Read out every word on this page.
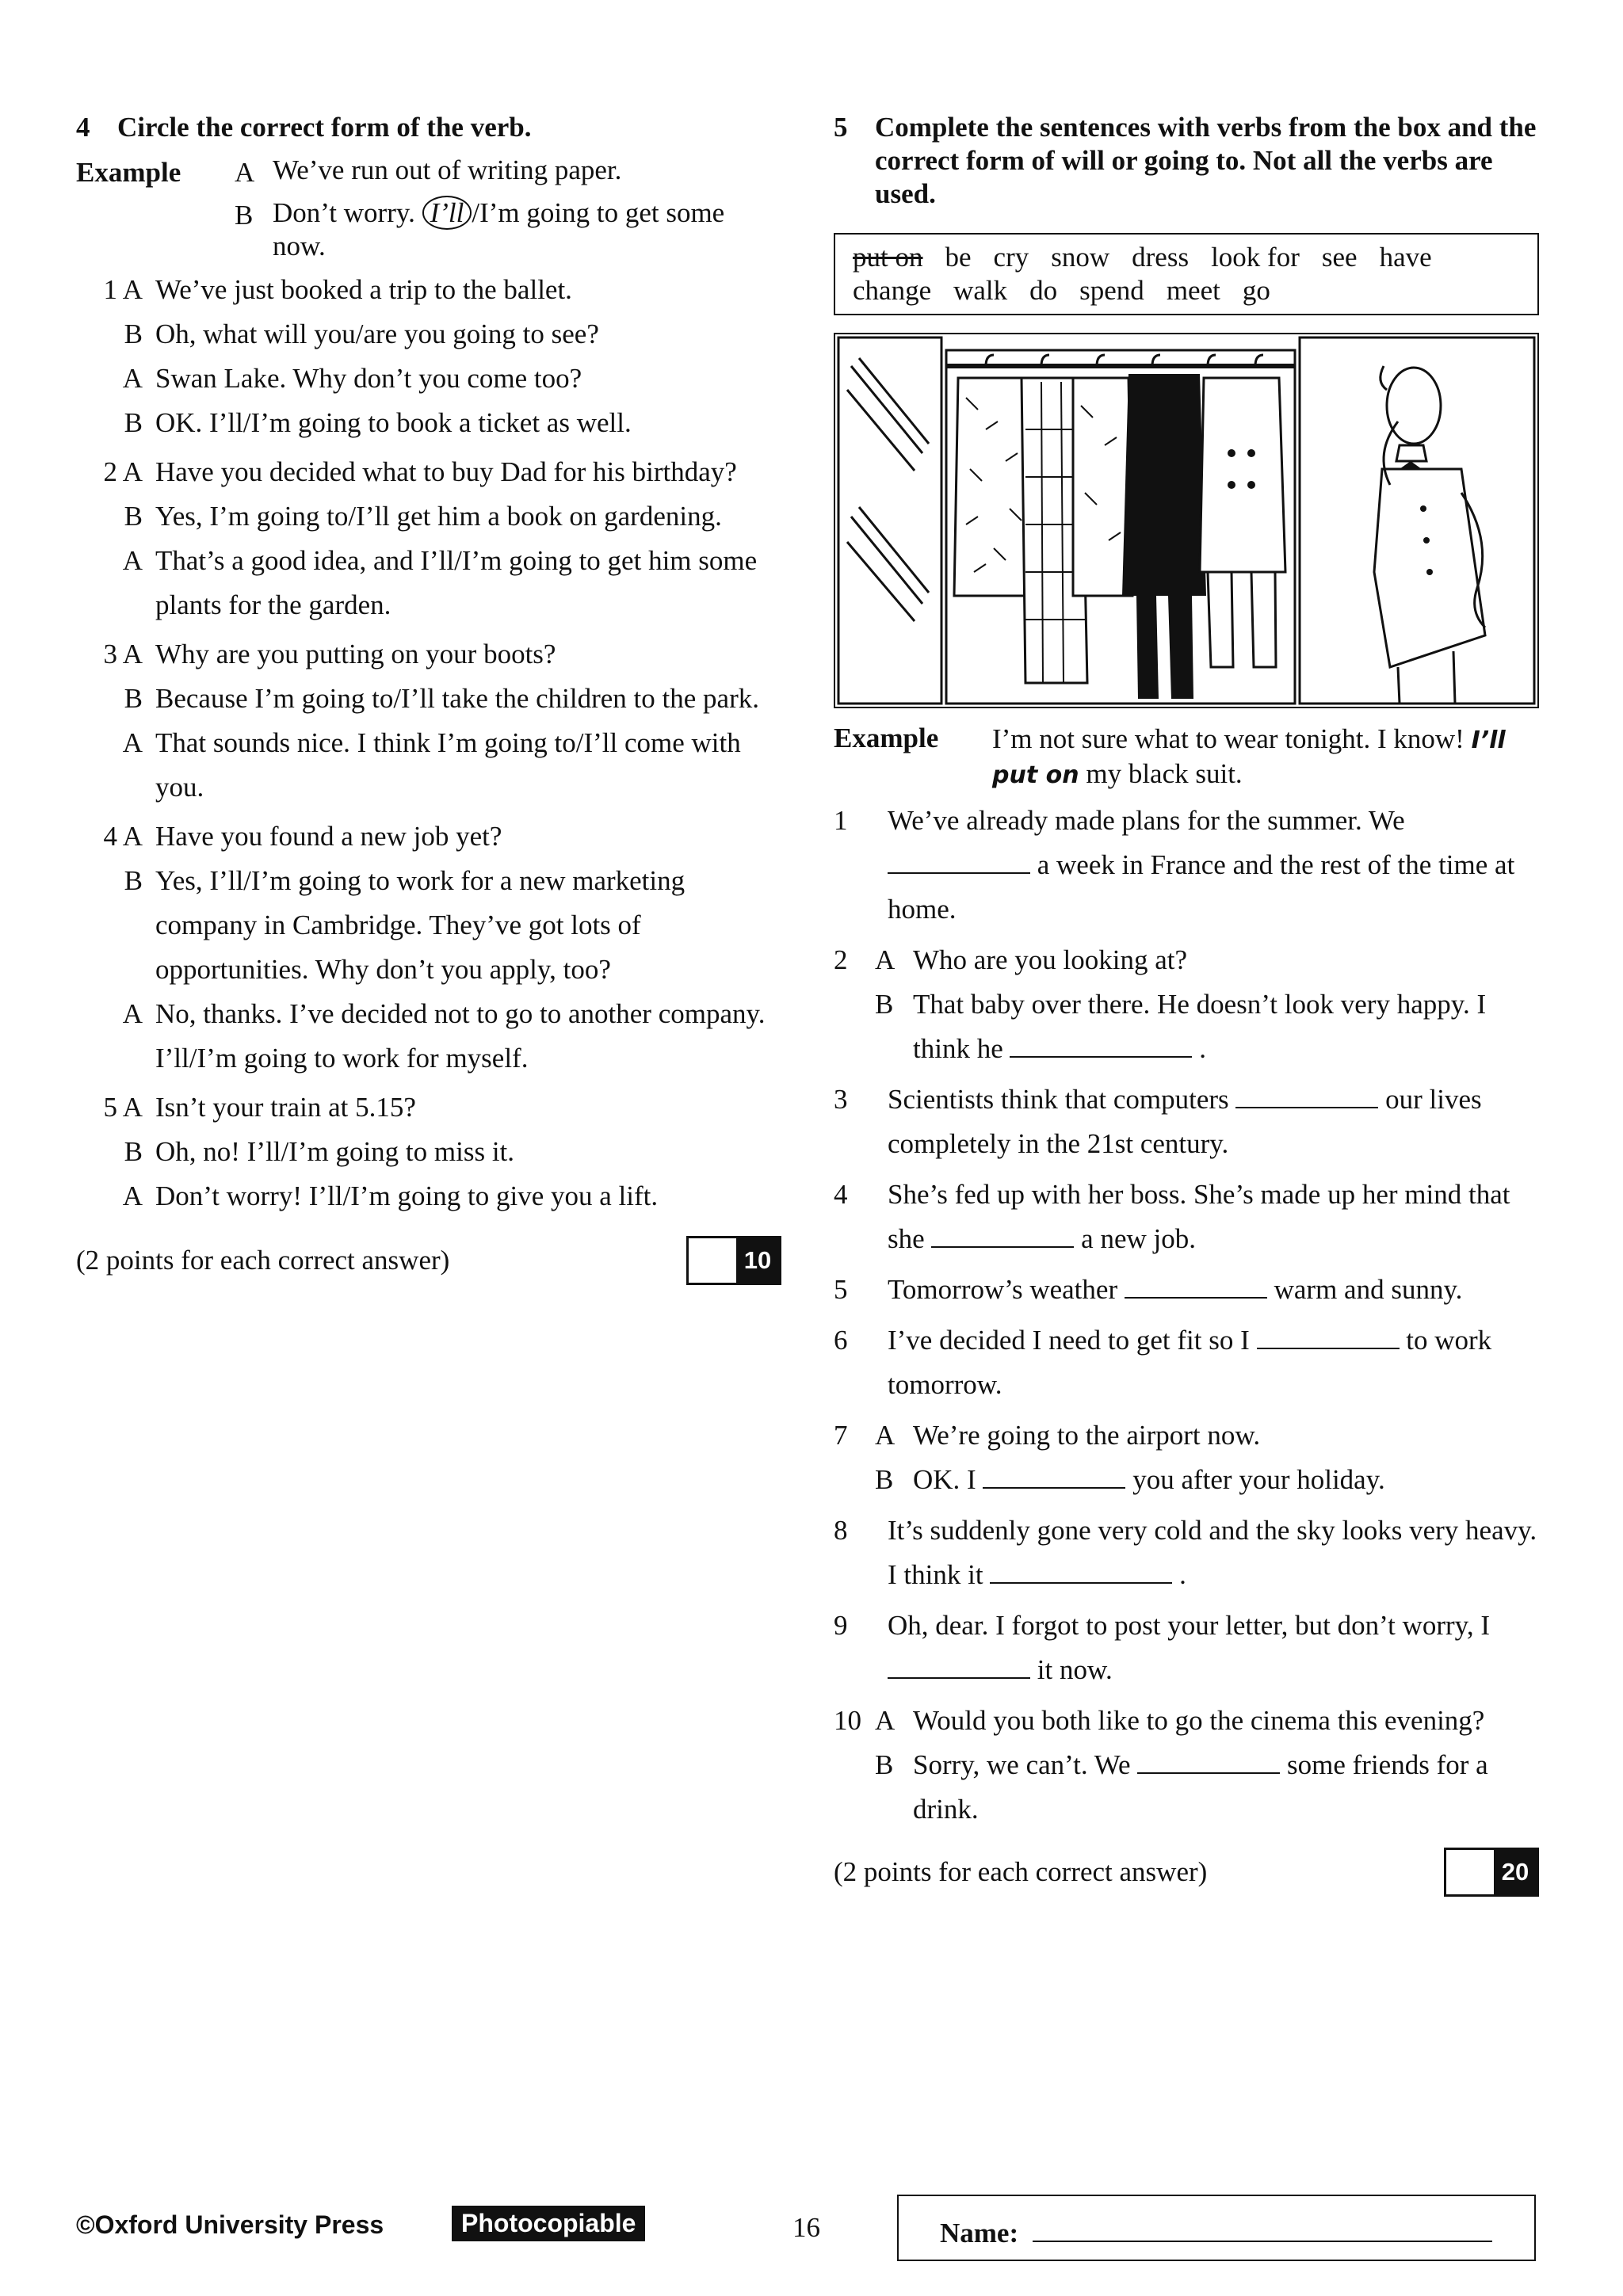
4 Circle the correct form of the verb.
Example	A We’ve run out of writing paper.
B Don’t worry. I’ll /I’m going to get some now.
1 A We’ve just booked a trip to the ballet.
B Oh, what will you/are you going to see?
A Swan Lake. Why don’t you come too?
B OK. I’ll/I’m going to book a ticket as well.
2 A Have you decided what to buy Dad for his birthday?
B Yes, I’m going to/I’ll get him a book on gardening.
A That’s a good idea, and I’ll/I’m going to get him some plants for the garden.
3 A Why are you putting on your boots?
B Because I’m going to/I’ll take the children to the park.
A That sounds nice. I think I’m going to/I’ll come with you.
4 A Have you found a new job yet?
B Yes, I’ll/I’m going to work for a new marketing company in Cambridge. They’ve got lots of opportunities. Why don’t you apply, too?
A No, thanks. I’ve decided not to go to another company. I’ll/I’m going to work for myself.
5 A Isn’t your train at 5.15?
B Oh, no! I’ll/I’m going to miss it.
A Don’t worry! I’ll/I’m going to give you a lift.
(2 points for each correct answer)	10
5 Complete the sentences with verbs from the box and the correct form of will or going to. Not all the verbs are used.
put on be cry snow dress look for see havechange walk do spend meet go
Example	I’m not sure what to wear tonight. I know! I’ll put on my black suit.
1	We’ve already made plans for the summer. We  a week in France and the rest of the time at home.
2 A Who are you looking at?
B That baby over there. He doesn’t look very happy. I think he	.
3	Scientists think that computers	our lives completely in the 21st century.
4	She’s fed up with her boss. She’s made up her mind that she	a new job.
5	Tomorrow’s weather	warm and sunny.
6	I’ve decided I need to get fit so I	to work tomorrow.
7 A We’re going to the airport now.
B OK. I	you after your holiday.
8	It’s suddenly gone very cold and the sky looks very heavy. I think it	.
9	Oh, dear. I forgot to post your letter, but don’t worry, I  it now.
10 A Would you both like to go the cinema this evening?
B Sorry, we can’t. We	some friends for a drink.
(2 points for each correct answer)	20
©Oxford University Press	Photocopiable	16	Name:
